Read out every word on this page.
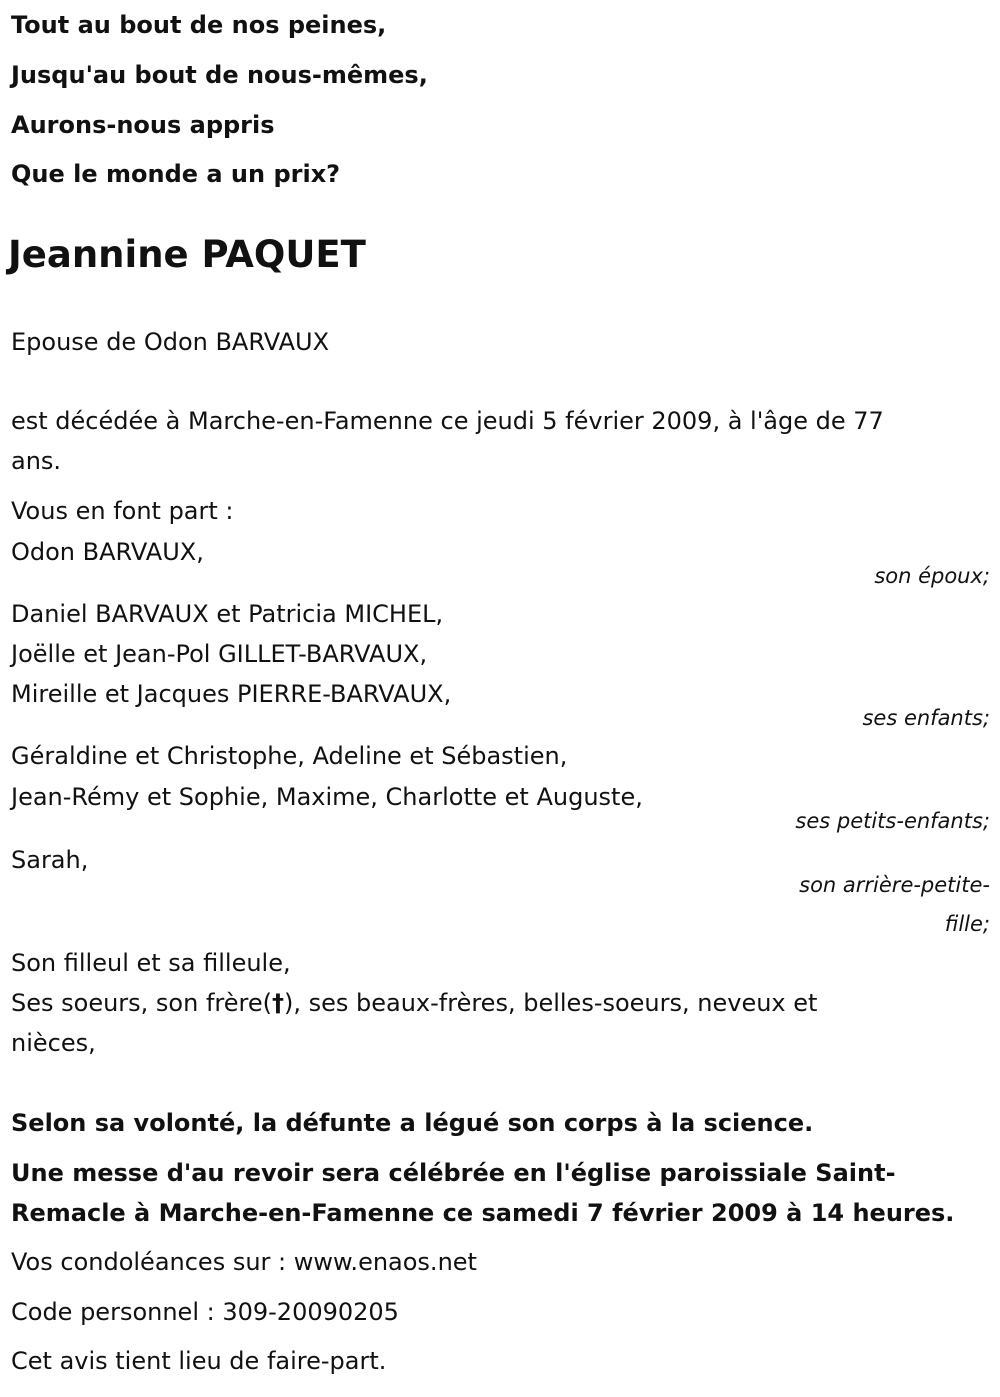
Tout au bout de nos peines,
Jusqu'au bout de nous-mêmes,
Aurons-nous appris
Que le monde a un prix?
Jeannine PAQUET
Epouse de Odon BARVAUX
est décédée à Marche-en-Famenne ce jeudi 5 février 2009, à l'âge de 77
ans.
Vous en font part :
Odon BARVAUX,
son époux;
Daniel BARVAUX et Patricia MICHEL,
Joëlle et Jean-Pol GILLET-BARVAUX,
Mireille et Jacques PIERRE-BARVAUX,
ses enfants;
Géraldine et Christophe, Adeline et Sébastien,
Jean-Rémy et Sophie, Maxime, Charlotte et Auguste,
ses petits-enfants;
Sarah,
son arrière-petite-
fille;
Son filleul et sa filleule,
Ses soeurs, son frère(†), ses beaux-frères, belles-soeurs, neveux et
nièces,
Selon sa volonté, la défunte a légué son corps à la science.
Une messe d'au revoir sera célébrée en l'église paroissiale Saint-
Remacle à Marche-en-Famenne ce samedi 7 février 2009 à 14 heures.
Vos condoléances sur : www.enaos.net
Code personnel : 309-20090205
Cet avis tient lieu de faire-part.
